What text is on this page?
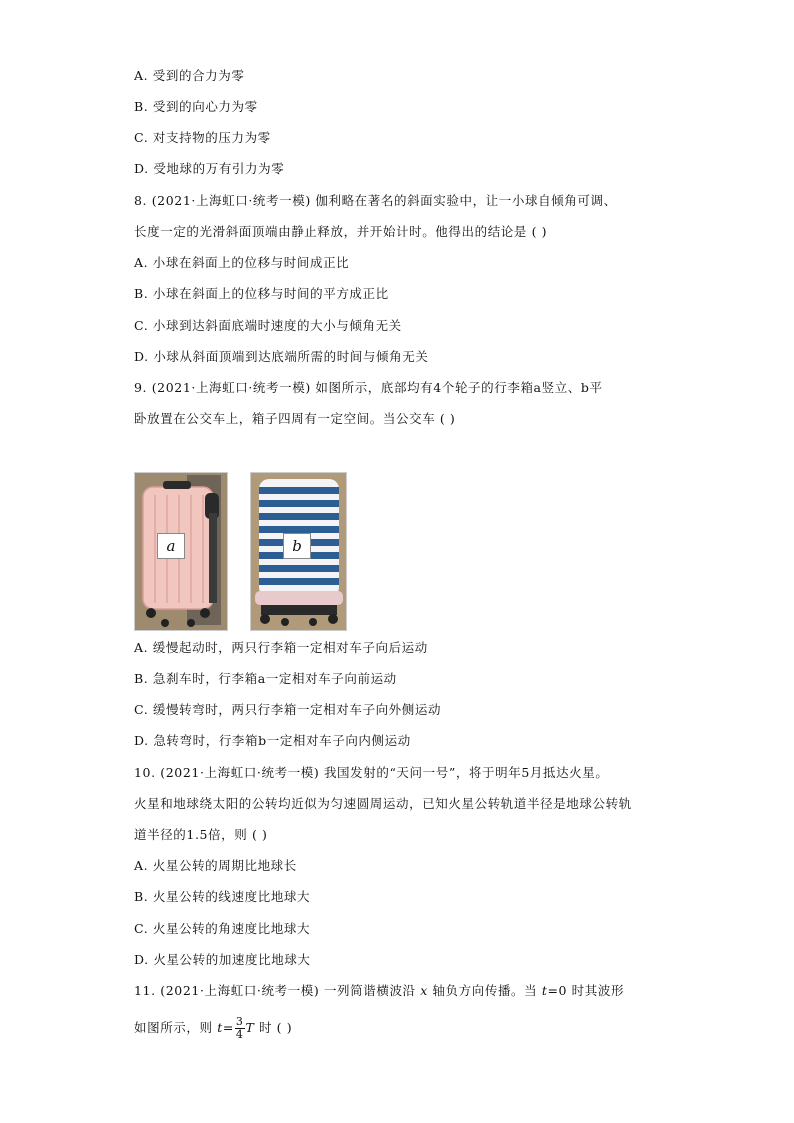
A. 受到的合力为零
B. 受到的向心力为零
C. 对支持物的压力为零
D. 受地球的万有引力为零
8. (2021·上海虹口·统考一模) 伽利略在著名的斜面实验中，让一小球自倾角可调、
长度一定的光滑斜面顶端由静止释放，并开始计时。他得出的结论是 ( )
A. 小球在斜面上的位移与时间成正比
B. 小球在斜面上的位移与时间的平方成正比
C. 小球到达斜面底端时速度的大小与倾角无关
D. 小球从斜面顶端到达底端所需的时间与倾角无关
9. (2021·上海虹口·统考一模) 如图所示，底部均有4个轮子的行李箱a竖立、b平
卧放置在公交车上，箱子四周有一定空间。当公交车 ( )
a	b
A. 缓慢起动时，两只行李箱一定相对车子向后运动
B. 急刹车时，行李箱a一定相对车子向前运动
C. 缓慢转弯时，两只行李箱一定相对车子向外侧运动
D. 急转弯时，行李箱b一定相对车子向内侧运动
10. (2021·上海虹口·统考一模) 我国发射的“天问一号”，将于明年5月抵达火星。
火星和地球绕太阳的公转均近似为匀速圆周运动，已知火星公转轨道半径是地球公转轨
道半径的1.5倍，则 ( )
A. 火星公转的周期比地球长
B. 火星公转的线速度比地球大
C. 火星公转的角速度比地球大
D. 火星公转的加速度比地球大
11. (2021·上海虹口·统考一模) 一列简谐横波沿 x 轴负方向传播。当 t=0 时其波形
如图所示，则 $t= \frac{3}{4}$ T 时 ( )
